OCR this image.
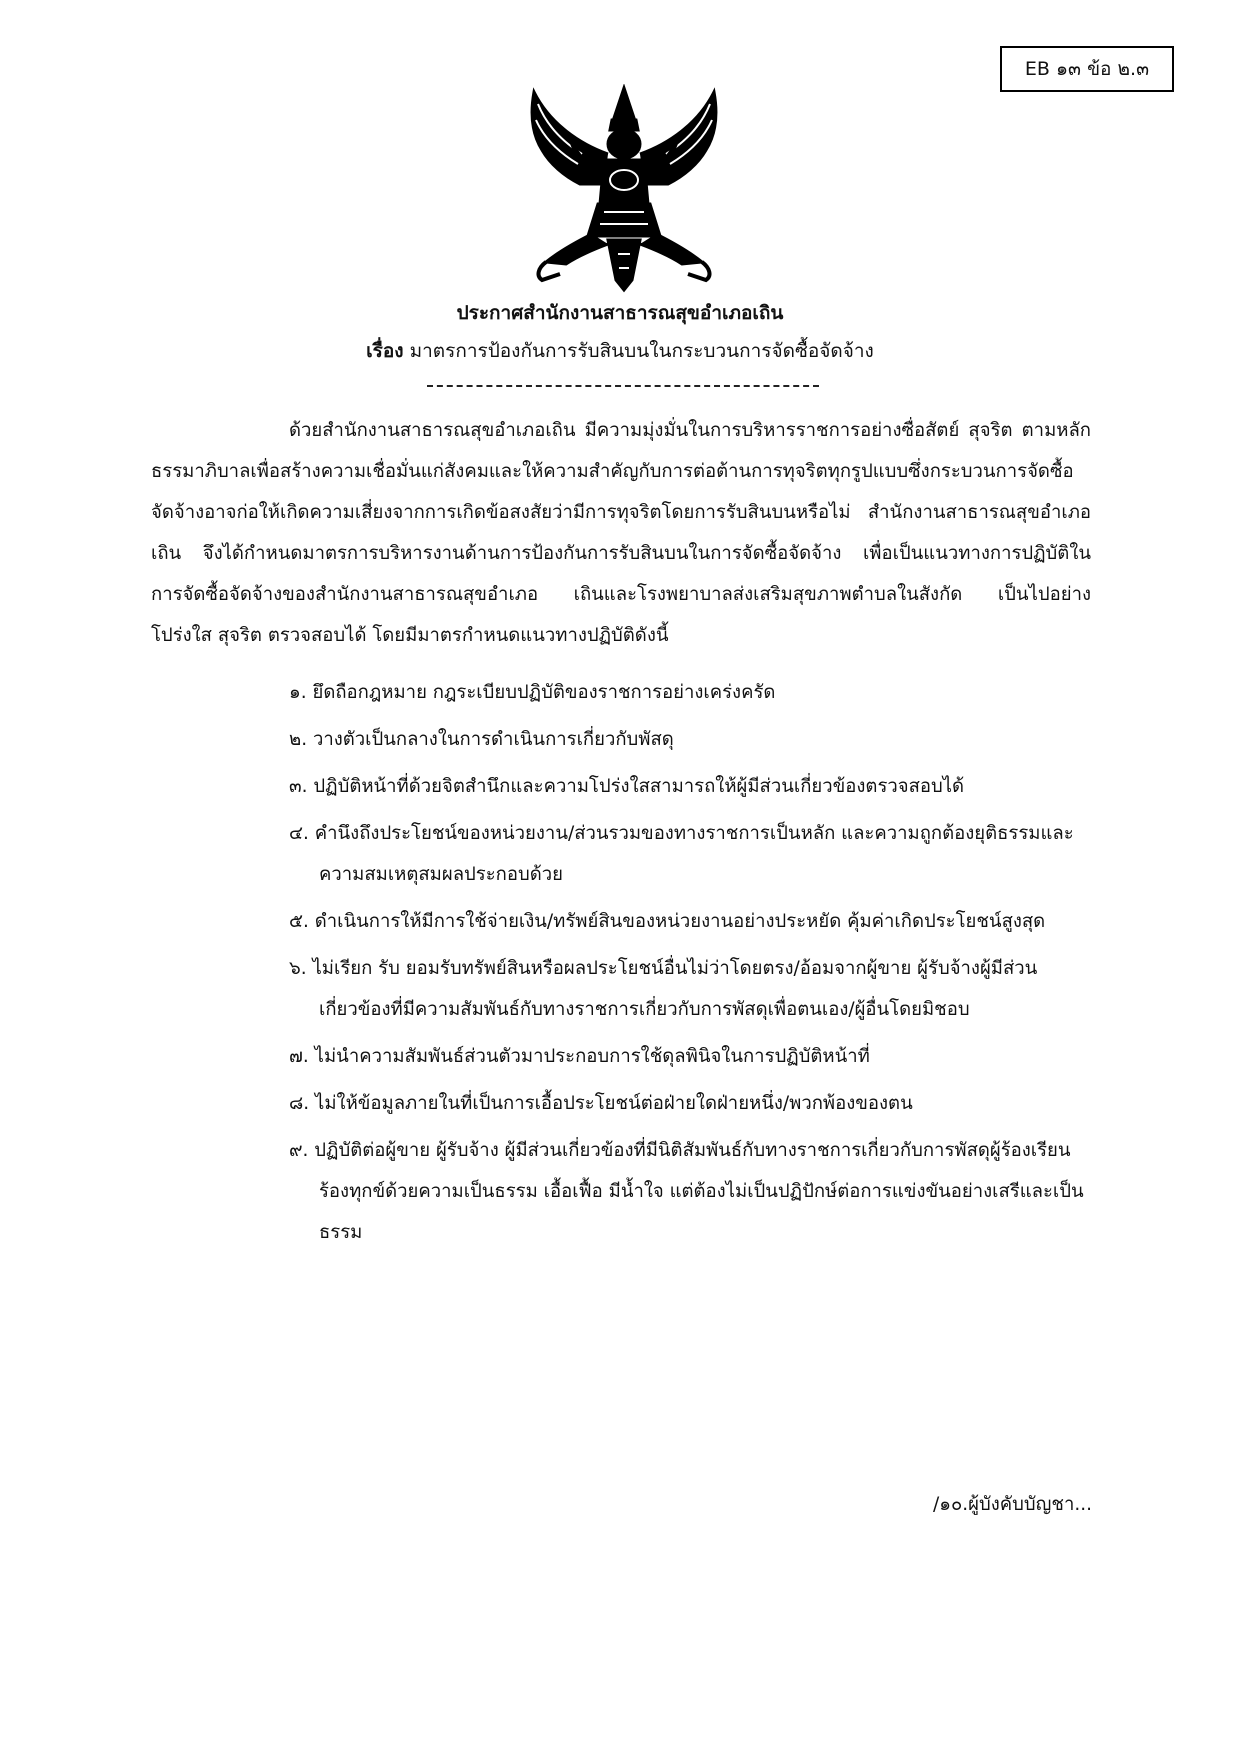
EB ๑๓ ข้อ ๒.๓
ประกาศสำนักงานสาธารณสุขอำเภอเถิน
เรื่อง มาตรการป้องกันการรับสินบนในกระบวนการจัดซื้อจัดจ้าง

ด้วยสำนักงานสาธารณสุขอำเภอเถิน มีความมุ่งมั่นในการบริหารราชการอย่างซื่อสัตย์ สุจริต ตามหลักธรรมาภิบาลเพื่อสร้างความเชื่อมั่นแก่สังคมและให้ความสำคัญกับการต่อต้านการทุจริตทุกรูปแบบซึ่งกระบวนการจัดซื้อจัดจ้างอาจก่อให้เกิดความเสี่ยงจากการเกิดข้อสงสัยว่ามีการทุจริตโดยการรับสินบนหรือไม่ สำนักงานสาธารณสุขอำเภอเถิน จึงได้กำหนดมาตรการบริหารงานด้านการป้องกันการรับสินบนในการจัดซื้อจัดจ้าง เพื่อเป็นแนวทางการปฏิบัติในการจัดซื้อจัดจ้างของสำนักงานสาธารณสุขอำเภอ เถินและโรงพยาบาลส่งเสริมสุขภาพตำบลในสังกัด เป็นไปอย่างโปร่งใส สุจริต ตรวจสอบได้ โดยมีมาตรกำหนดแนวทางปฏิบัติดังนี้

๑. ยึดถือกฎหมาย กฎระเบียบปฏิบัติของราชการอย่างเคร่งครัด
๒. วางตัวเป็นกลางในการดำเนินการเกี่ยวกับพัสดุ
๓. ปฏิบัติหน้าที่ด้วยจิตสำนึกและความโปร่งใสสามารถให้ผู้มีส่วนเกี่ยวข้องตรวจสอบได้
๔. คำนึงถึงประโยชน์ของหน่วยงาน/ส่วนรวมของทางราชการเป็นหลัก และความถูกต้องยุติธรรมและความสมเหตุสมผลประกอบด้วย
๕. ดำเนินการให้มีการใช้จ่ายเงิน/ทรัพย์สินของหน่วยงานอย่างประหยัด คุ้มค่าเกิดประโยชน์สูงสุด
๖. ไม่เรียก รับ ยอมรับทรัพย์สินหรือผลประโยชน์อื่นไม่ว่าโดยตรง/อ้อมจากผู้ขาย ผู้รับจ้างผู้มีส่วนเกี่ยวข้องที่มีความสัมพันธ์กับทางราชการเกี่ยวกับการพัสดุเพื่อตนเอง/ผู้อื่นโดยมิชอบ
๗. ไม่นำความสัมพันธ์ส่วนตัวมาประกอบการใช้ดุลพินิจในการปฏิบัติหน้าที่
๘. ไม่ให้ข้อมูลภายในที่เป็นการเอื้อประโยชน์ต่อฝ่ายใดฝ่ายหนึ่ง/พวกพ้องของตน
๙. ปฏิบัติต่อผู้ขาย ผู้รับจ้าง ผู้มีส่วนเกี่ยวข้องที่มีนิติสัมพันธ์กับทางราชการเกี่ยวกับการพัสดุผู้ร้องเรียนร้องทุกข์ด้วยความเป็นธรรม เอื้อเฟื้อ มีน้ำใจ แต่ต้องไม่เป็นปฏิปักษ์ต่อการแข่งขันอย่างเสรีและเป็นธรรม
/๑๐.ผู้บังคับบัญชา...
